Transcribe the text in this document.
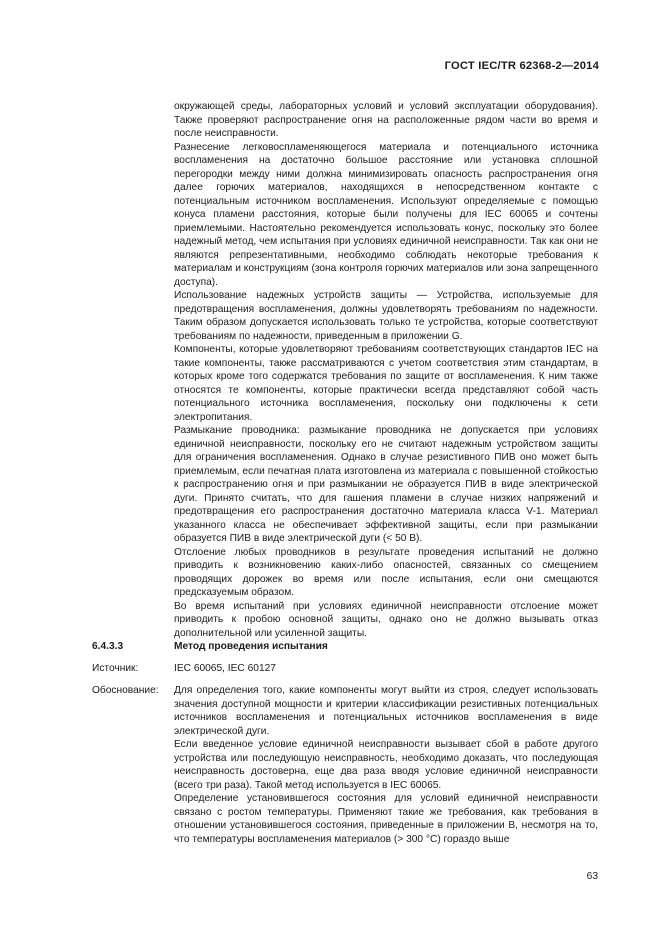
ГОСТ IEC/TR 62368-2—2014

окружающей среды, лабораторных условий и условий эксплуатации оборудования). Также проверяют распространение огня на расположенные рядом части во время и после неисправности.

Разнесение легковоспламеняющегося материала и потенциального источника воспламенения на достаточно большое расстояние или установка сплошной перегородки между ними должна минимизировать опасность распространения огня далее горючих материалов, находящихся в непосредственном контакте с потенциальным источником воспламенения. Используют определяемые с помощью конуса пламени расстояния, которые были получены для IEC 60065 и сочтены приемлемыми. Настоятельно рекомендуется использовать конус, поскольку это более надежный метод, чем испытания при условиях единичной неисправности. Так как они не являются репрезентативными, необходимо соблюдать некоторые требования к материалам и конструкциям (зона контроля горючих материалов или зона запрещенного доступа).

Использование надежных устройств защиты — Устройства, используемые для предотвращения воспламенения, должны удовлетворять требованиям по надежности. Таким образом допускается использовать только те устройства, которые соответствуют требованиям по надежности, приведенным в приложении G.

Компоненты, которые удовлетворяют требованиям соответствующих стандартов IEC на такие компоненты, также рассматриваются с учетом соответствия этим стандартам, в которых кроме того содержатся требования по защите от воспламенения. К ним также относятся те компоненты, которые практически всегда представляют собой часть потенциального источника воспламенения, поскольку они подключены к сети электропитания.

Размыкание проводника: размыкание проводника не допускается при условиях единичной неисправности, поскольку его не считают надежным устройством защиты для ограничения воспламенения. Однако в случае резистивного ПИВ оно может быть приемлемым, если печатная плата изготовлена из материала с повышенной стойкостью к распространению огня и при размыкании не образуется ПИВ в виде электрической дуги. Принято считать, что для гашения пламени в случае низких напряжений и предотвращения его распространения достаточно материала класса V-1. Материал указанного класса не обеспечивает эффективной защиты, если при размыкании образуется ПИВ в виде электрической дуги (< 50 В).

Отслоение любых проводников в результате проведения испытаний не должно приводить к возникновению каких-либо опасностей, связанных со смещением проводящих дорожек во время или после испытания, если они смещаются предсказуемым образом.

Во время испытаний при условиях единичной неисправности отслоение может приводить к пробою основной защиты, однако оно не должно вызывать отказ дополнительной или усиленной защиты.

6.4.3.3	Метод проведения испытания
Источник:	IEC 60065, IEC 60127
Обоснование: Для определения того, какие компоненты могут выйти из строя, следует использовать значения доступной мощности и критерии классификации резистивных потенциальных источников воспламенения и потенциальных источников воспламенения в виде электрической дуги.

Если введенное условие единичной неисправности вызывает сбой в работе другого устройства или последующую неисправность, необходимо доказать, что последующая неисправность достоверна, еще два раза вводя условие единичной неисправности (всего три раза). Такой метод используется в IEC 60065.

Определение установившегося состояния для условий единичной неисправности связано с ростом температуры. Применяют такие же требования, как требования в отношении установившегося состояния, приведенные в приложении B, несмотря на то, что температуры воспламенения материалов (> 300 °C) гораздо выше

63
